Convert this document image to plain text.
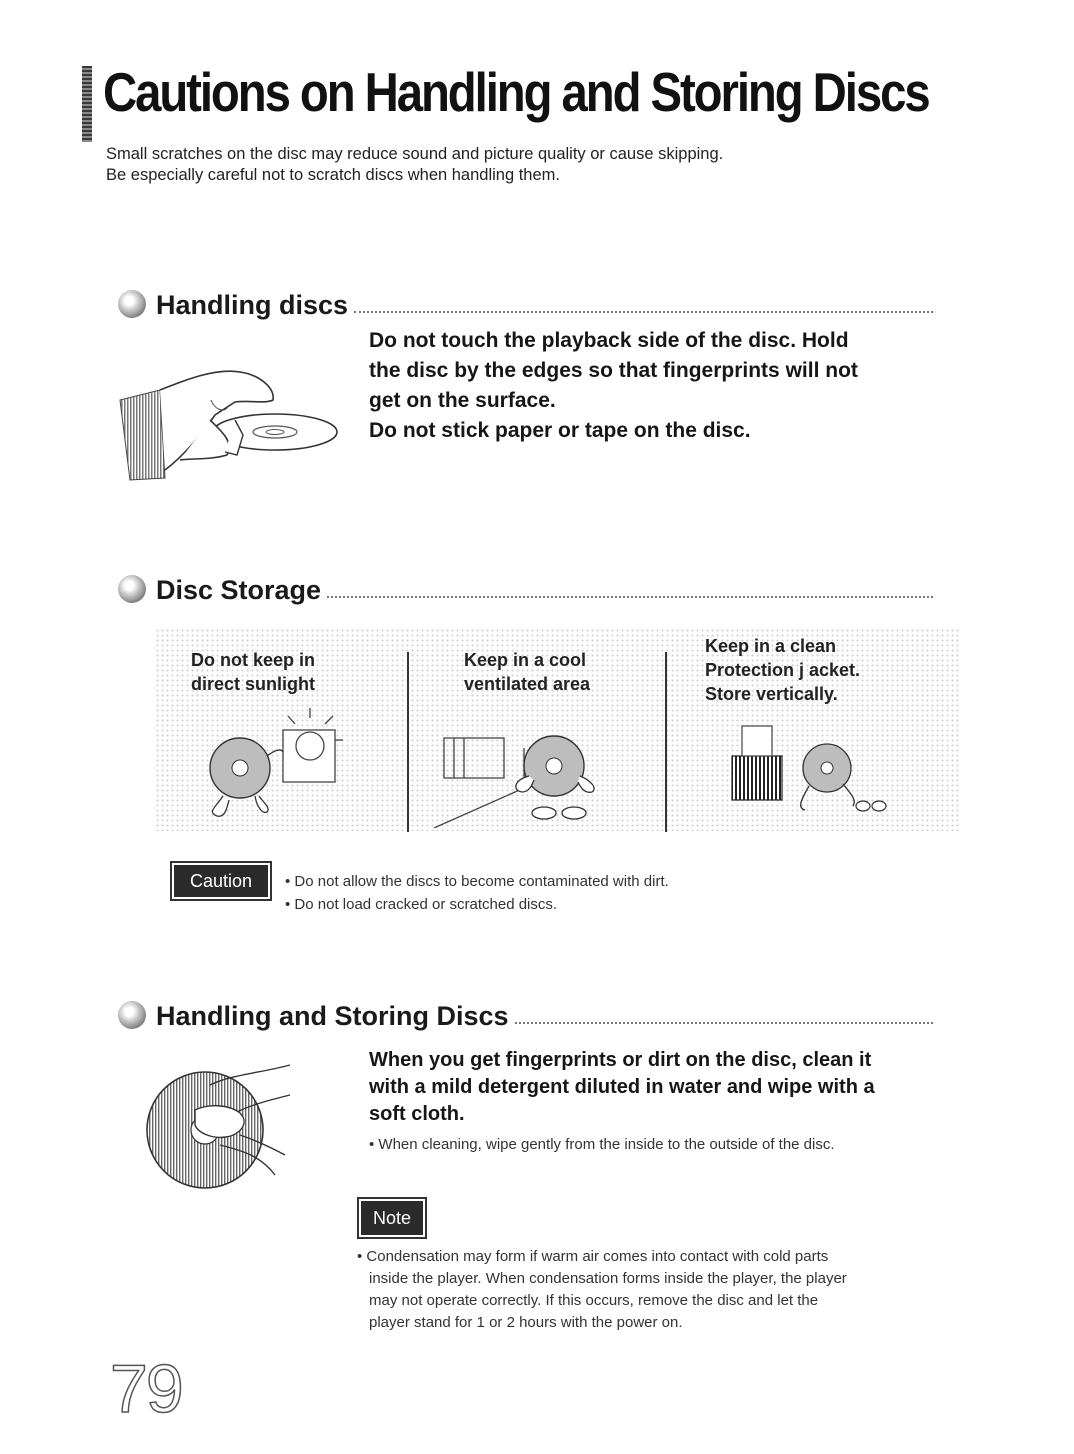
Cautions on Handling and Storing Discs
Small scratches on the disc may reduce sound and picture quality or cause skipping.
Be especially careful not to scratch discs when handling them.
Handling discs
Do not touch the playback side of the disc. Hold
the disc by the edges so that fingerprints will not
get on the surface.
Do not stick paper or tape on the disc.
Disc Storage
Do not keep in
direct sunlight
Keep in a cool
ventilated area
Keep in a clean
Protection j acket.
Store vertically.
Caution	• Do not allow the discs to become contaminated with dirt.
• Do not load cracked or scratched discs.
Handling and Storing Discs
When you get fingerprints or dirt on the disc, clean it
with a mild detergent diluted in water and wipe with a
soft cloth.
• When cleaning, wipe gently from the inside to the outside of the disc.
Note
• Condensation may form if warm air comes into contact with cold parts
inside the player. When condensation forms inside the player, the player
may not operate correctly. If this occurs, remove the disc and let the
player stand for 1 or 2 hours with the power on.
79
